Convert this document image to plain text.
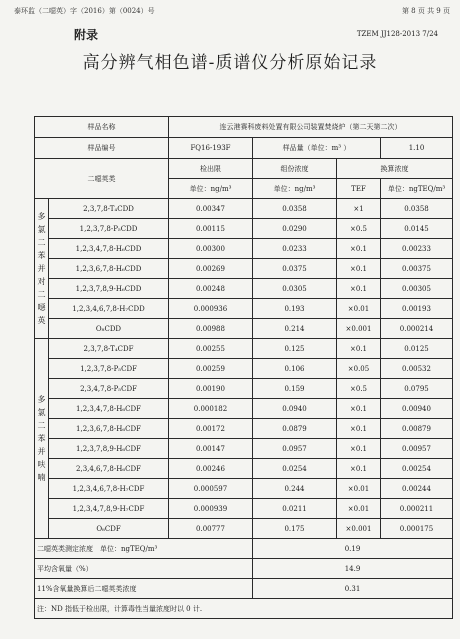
泰环监（二噁英）字（2016）第（0024）号	第 8 页 共 9 页
附录	TZEM JJ128-2013 7/24
高分辨气相色谱-质谱仪分析原始记录
样品名称		连云港赛科废料处置有限公司装置焚烧炉（第二天第二次）			
样品编号		FQ16-193F	样品量（单位：m³ ）		1.10
二噁英类		检出限	组份浓度	换算浓度	
		单位：ng/m³	单位：ng/m³	TEF	单位：ngTEQ/m³
多氯二苯并对二噁英	2,3,7,8-T₄CDD	0.00347	0.0358	×1	0.0358
	1,2,3,7,8-P₅CDD	0.00115	0.0290	×0.5	0.0145
	1,2,3,4,7,8-H₆CDD	0.00300	0.0233	×0.1	0.00233
	1,2,3,6,7,8-H₆CDD	0.00269	0.0375	×0.1	0.00375
	1,2,3,7,8,9-H₆CDD	0.00248	0.0305	×0.1	0.00305
	1,2,3,4,6,7,8-H₇CDD	0.000936	0.193	×0.01	0.00193
	O₈CDD	0.00988	0.214	×0.001	0.000214
多氯二苯并呋喃	2,3,7,8-T₄CDF	0.00255	0.125	×0.1	0.0125
	1,2,3,7,8-P₅CDF	0.00259	0.106	×0.05	0.00532
	2,3,4,7,8-P₅CDF	0.00190	0.159	×0.5	0.0795
	1,2,3,4,7,8-H₆CDF	0.000182	0.0940	×0.1	0.00940
	1,2,3,6,7,8-H₆CDF	0.00172	0.0879	×0.1	0.00879
	1,2,3,7,8,9-H₆CDF	0.00147	0.0957	×0.1	0.00957
	2,3,4,6,7,8-H₆CDF	0.00246	0.0254	×0.1	0.00254
	1,2,3,4,6,7,8-H₇CDF	0.000597	0.244	×0.01	0.00244
	1,2,3,4,7,8,9-H₇CDF	0.000939	0.0211	×0.01	0.000211
	O₈CDF	0.00777	0.175	×0.001	0.000175
二噁英类测定浓度　单位：ngTEQ/m³			0.19		
平均含氧量（%）			14.9		
11%含氧量换算后二噁英类浓度			0.31		
注：ND 指低于检出限，计算毒性当量浓度时以 0 计.					
